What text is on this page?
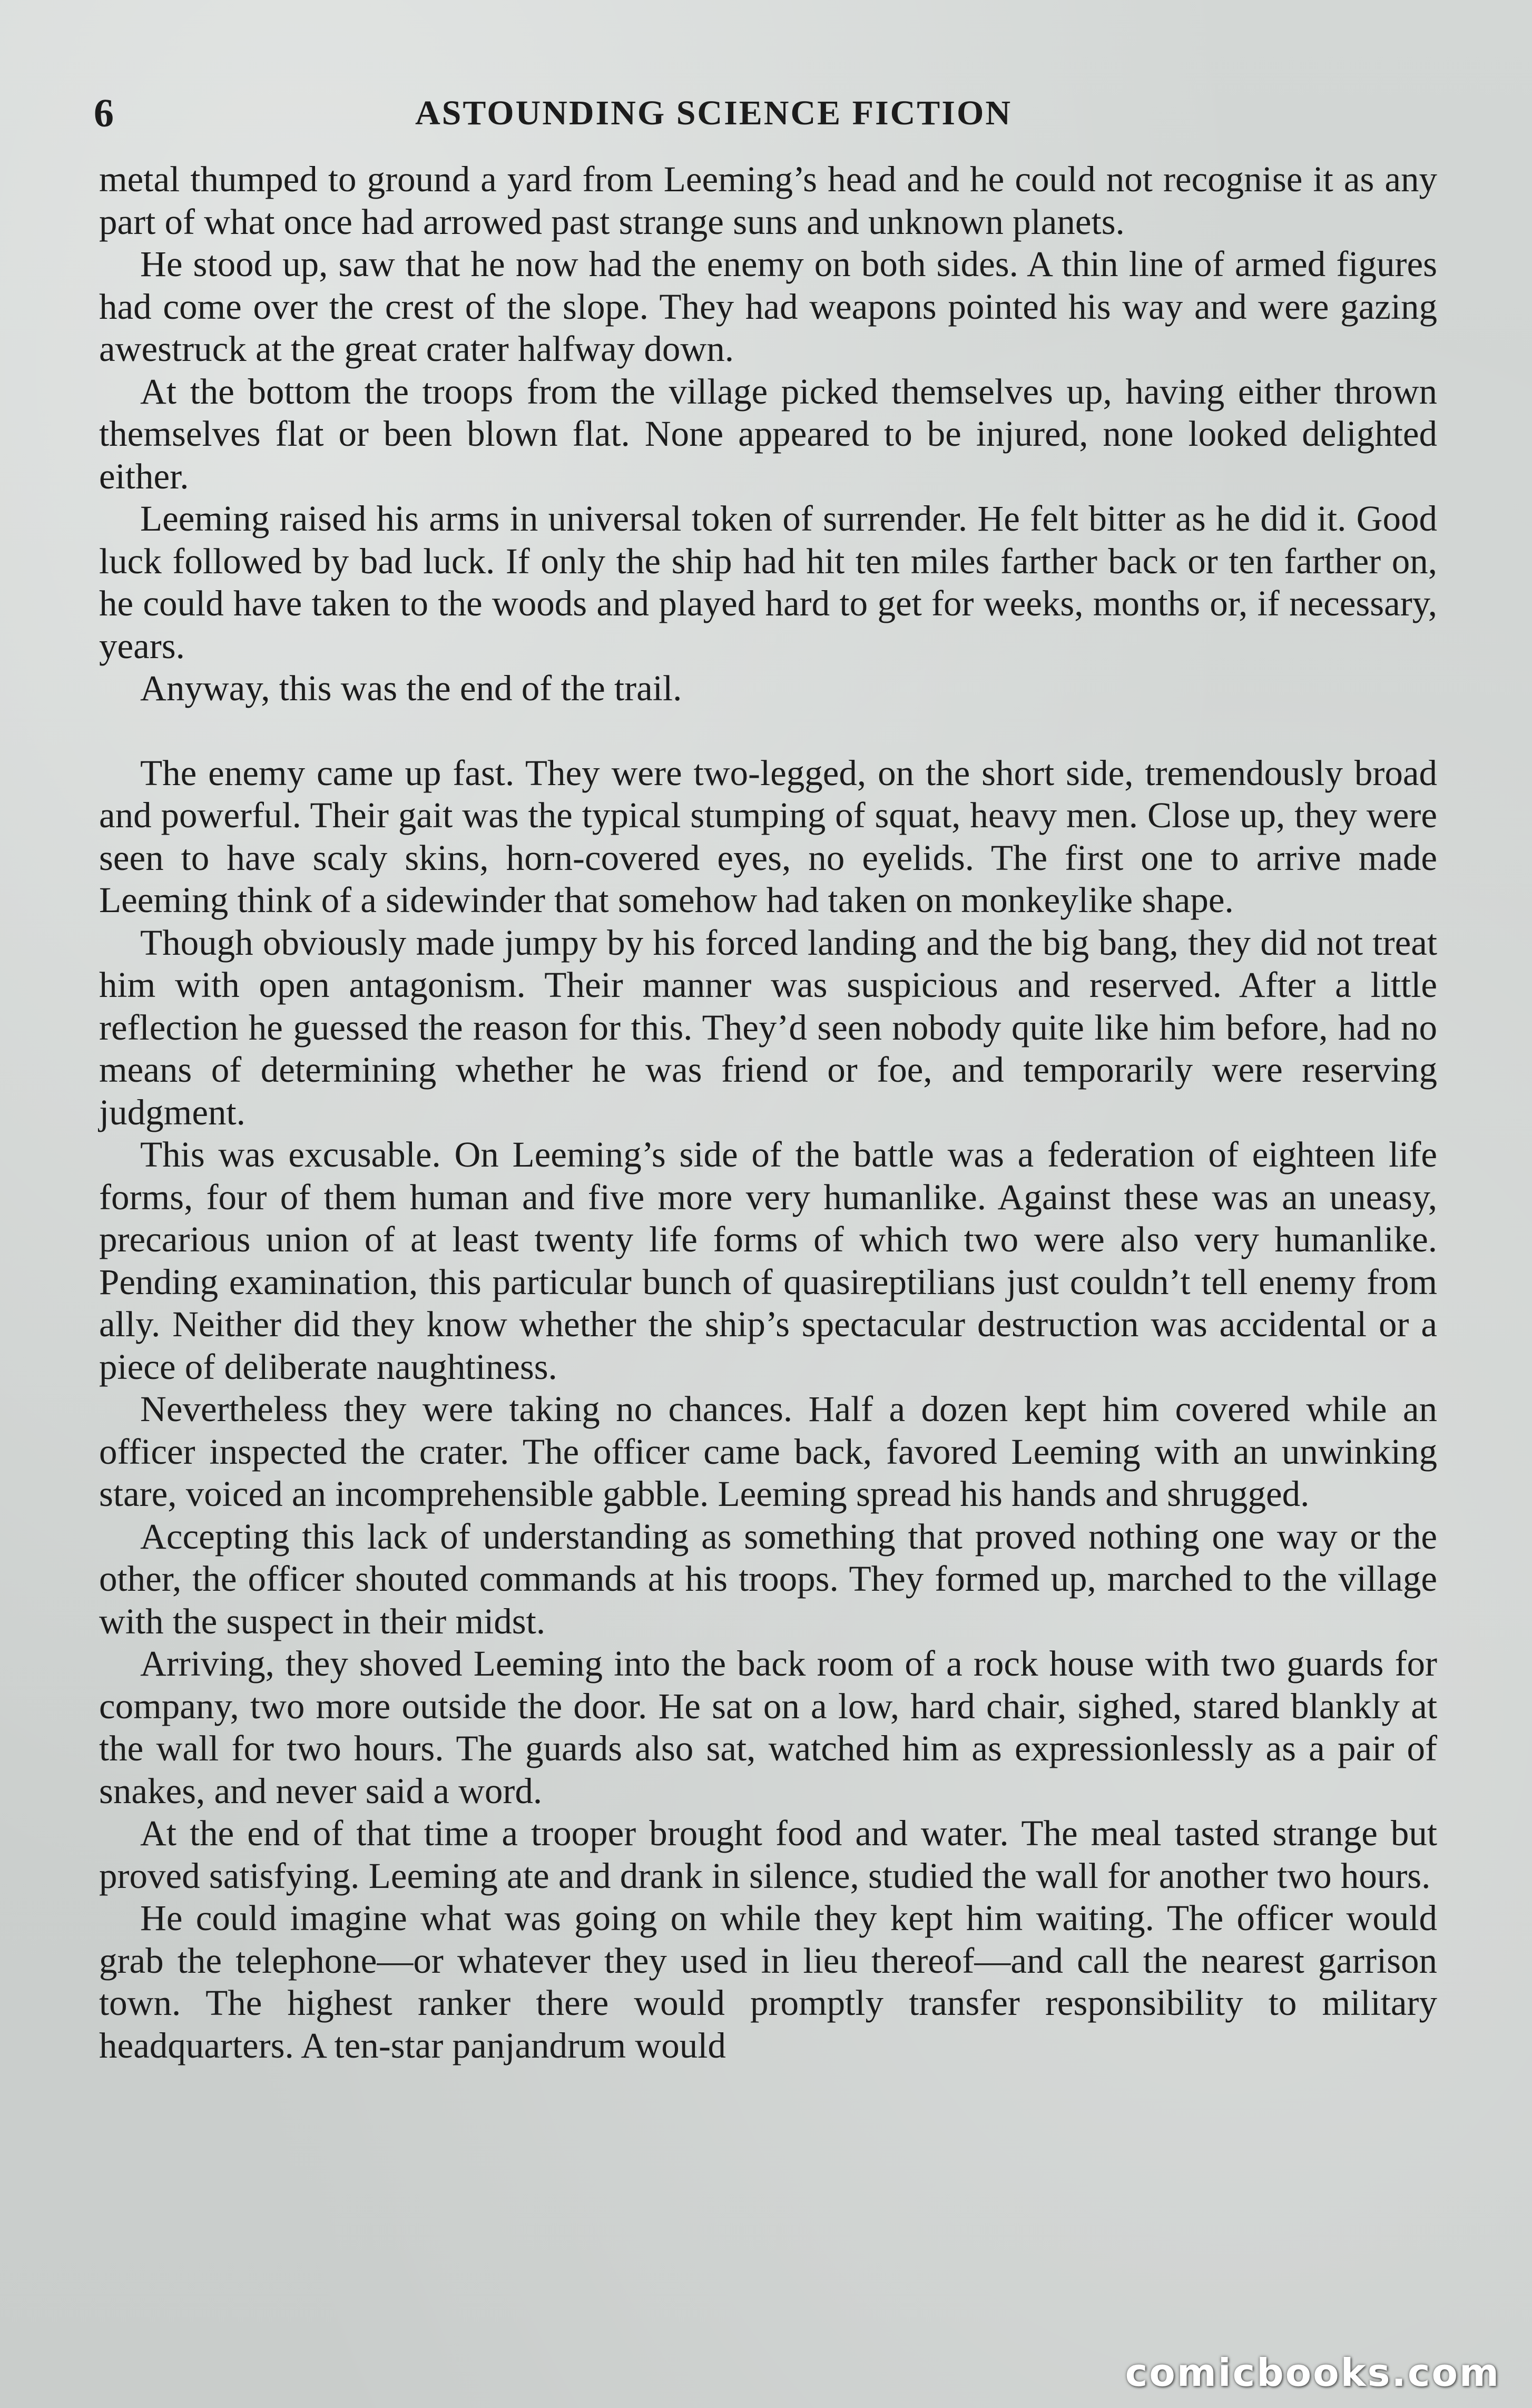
6	ASTOUNDING SCIENCE FICTION

metal thumped to ground a yard from Leeming’s head and he could not recognise it as any part of what once had arrowed past strange suns and unknown planets.

He stood up, saw that he now had the enemy on both sides. A thin line of armed figures had come over the crest of the slope. They had weapons pointed his way and were gazing awestruck at the great crater halfway down.

At the bottom the troops from the village picked themselves up, having either thrown themselves flat or been blown flat. None appeared to be injured, none looked delighted either.

Leeming raised his arms in universal token of surrender. He felt bitter as he did it. Good luck followed by bad luck. If only the ship had hit ten miles farther back or ten farther on, he could have taken to the woods and played hard to get for weeks, months or, if necessary, years.

Anyway, this was the end of the trail.

The enemy came up fast. They were two-legged, on the short side, tremendously broad and powerful. Their gait was the typical stumping of squat, heavy men. Close up, they were seen to have scaly skins, horn-covered eyes, no eyelids. The first one to arrive made Leeming think of a sidewinder that somehow had taken on monkeylike shape.

Though obviously made jumpy by his forced landing and the big bang, they did not treat him with open antagonism. Their manner was suspicious and reserved. After a little reflection he guessed the reason for this. They’d seen nobody quite like him before, had no means of determining whether he was friend or foe, and temporarily were reserving judgment.

This was excusable. On Leeming’s side of the battle was a federation of eighteen life forms, four of them human and five more very humanlike. Against these was an uneasy, precarious union of at least twenty life forms of which two were also very humanlike. Pending examination, this particular bunch of quasireptilians just couldn’t tell enemy from ally. Neither did they know whether the ship’s spectacular destruction was accidental or a piece of deliberate naughtiness.

Nevertheless they were taking no chances. Half a dozen kept him covered while an officer inspected the crater. The officer came back, favored Leeming with an unwinking stare, voiced an incomprehensible gabble. Leeming spread his hands and shrugged.

Accepting this lack of understanding as something that proved nothing one way or the other, the officer shouted commands at his troops. They formed up, marched to the village with the suspect in their midst.

Arriving, they shoved Leeming into the back room of a rock house with two guards for company, two more outside the door. He sat on a low, hard chair, sighed, stared blankly at the wall for two hours. The guards also sat, watched him as expressionlessly as a pair of snakes, and never said a word.

At the end of that time a trooper brought food and water. The meal tasted strange but proved satisfying. Leeming ate and drank in silence, studied the wall for another two hours.

He could imagine what was going on while they kept him waiting. The officer would grab the telephone—or whatever they used in lieu thereof—and call the nearest garrison town. The highest ranker there would promptly transfer responsibility to military headquarters. A ten-star panjandrum would

comicbooks.com
